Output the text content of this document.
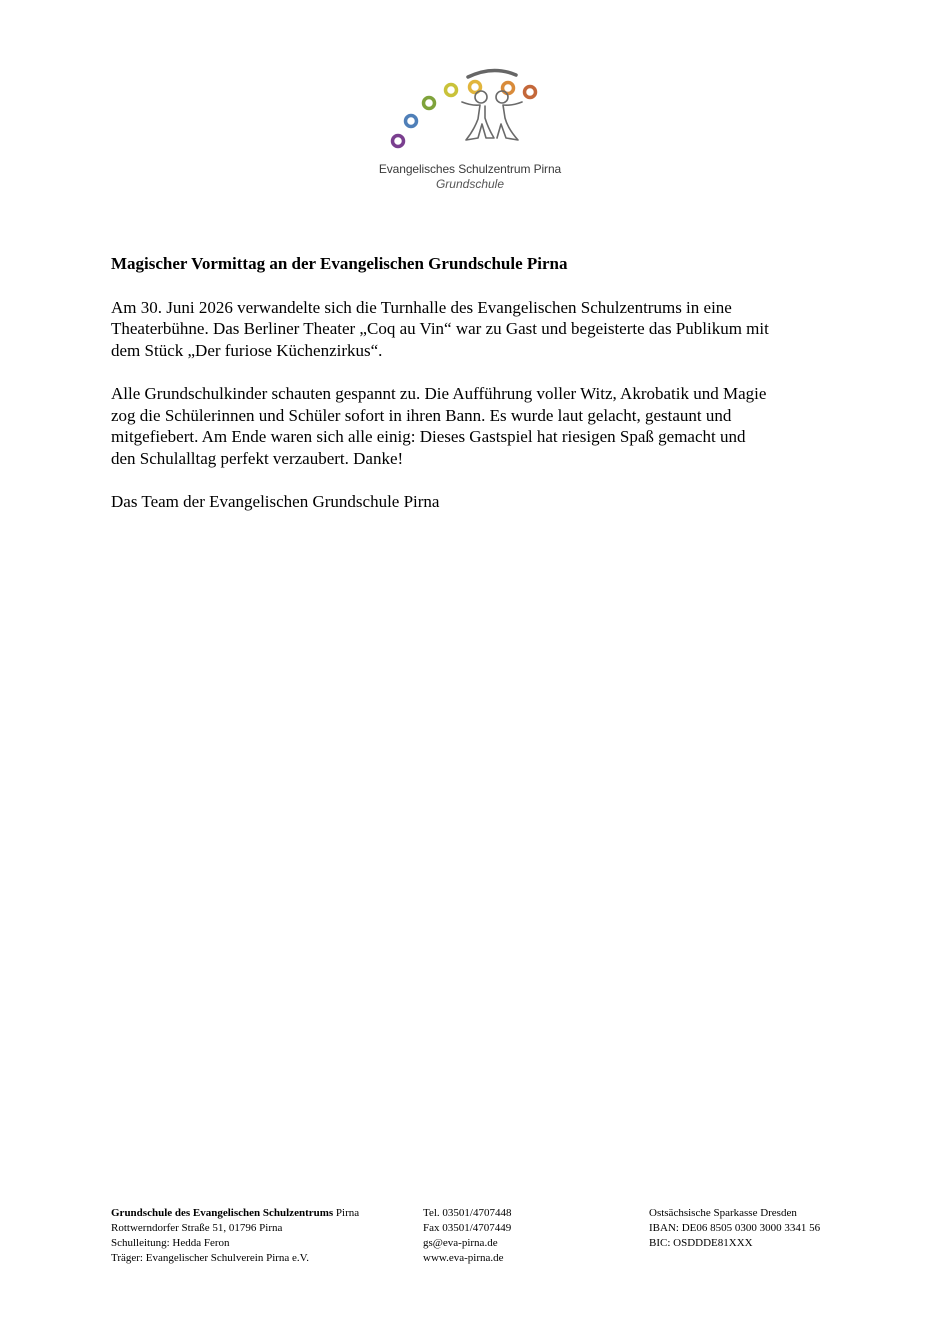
Evangelisches Schulzentrum Pirna
Grundschule
Magischer Vormittag an der Evangelischen Grundschule Pirna
Am 30. Juni 2026 verwandelte sich die Turnhalle des Evangelischen Schulzentrums in eine
Theaterbühne. Das Berliner Theater „Coq au Vin“ war zu Gast und begeisterte das Publikum mit
dem Stück „Der furiose Küchenzirkus“.
Alle Grundschulkinder schauten gespannt zu. Die Aufführung voller Witz, Akrobatik und Magie
zog die Schülerinnen und Schüler sofort in ihren Bann. Es wurde laut gelacht, gestaunt und
mitgefiebert. Am Ende waren sich alle einig: Dieses Gastspiel hat riesigen Spaß gemacht und
den Schulalltag perfekt verzaubert. Danke!
Das Team der Evangelischen Grundschule Pirna
Grundschule des Evangelischen Schulzentrums Pirna
Rottwerndorfer Straße 51, 01796 Pirna
Schulleitung: Hedda Feron
Träger: Evangelischer Schulverein Pirna e.V.
Tel. 03501/4707448
Fax 03501/4707449
gs@eva-pirna.de
www.eva-pirna.de
Ostsächsische Sparkasse Dresden
IBAN: DE06 8505 0300 3000 3341 56
BIC: OSDDDE81XXX
